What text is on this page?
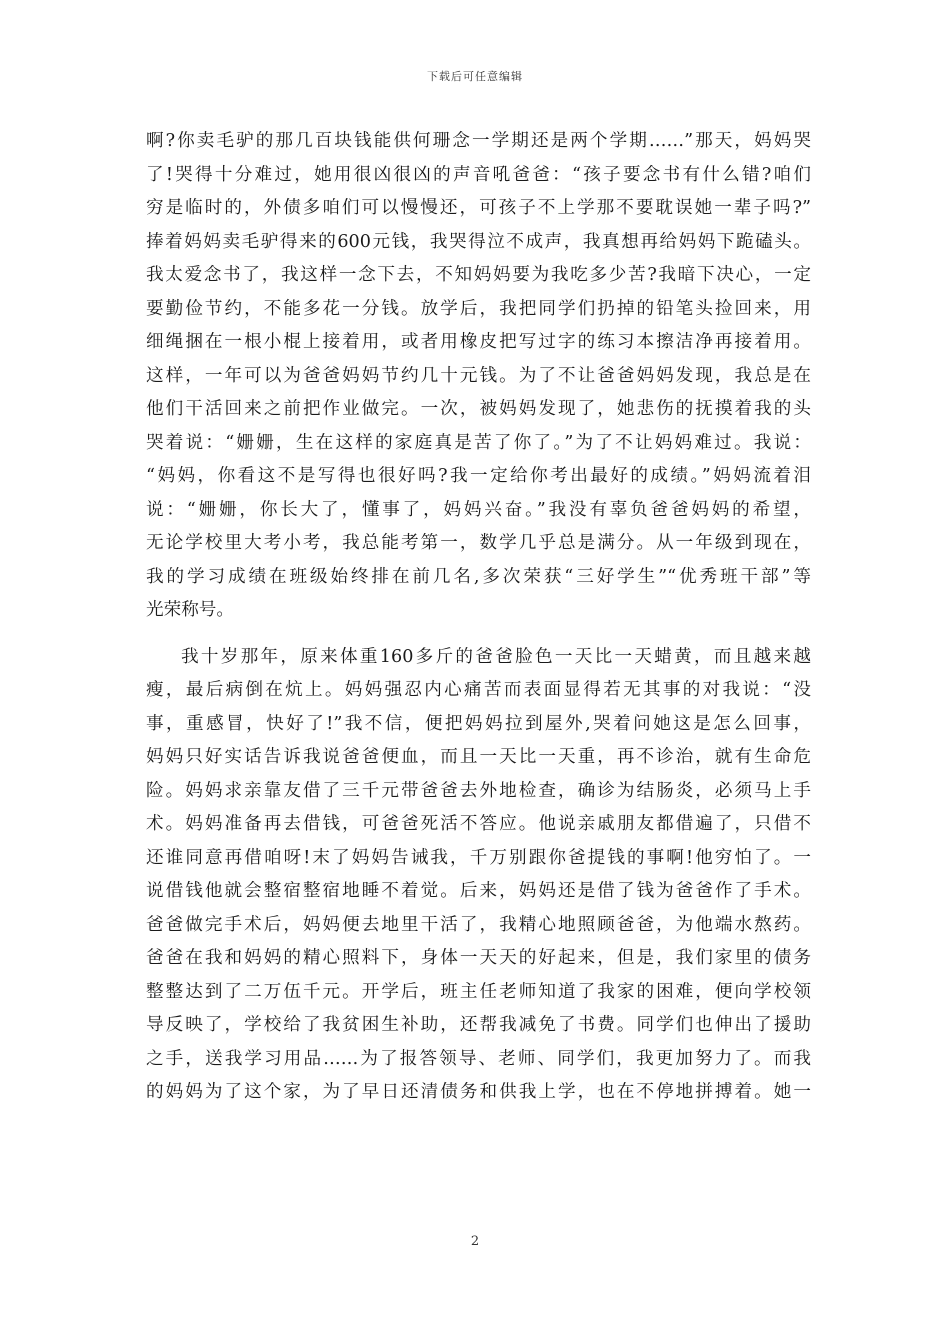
下载后可任意编辑
啊?你卖毛驴的那几百块钱能供何珊念一学期还是两个学期……”那天，妈妈哭
了!哭得十分难过，她用很凶很凶的声音吼爸爸：“孩子要念书有什么错?咱们
穷是临时的，外债多咱们可以慢慢还，可孩子不上学那不要耽误她一辈子吗?”
捧着妈妈卖毛驴得来的600元钱，我哭得泣不成声，我真想再给妈妈下跪磕头。
我太爱念书了，我这样一念下去，不知妈妈要为我吃多少苦?我暗下决心，一定
要勤俭节约，不能多花一分钱。放学后，我把同学们扔掉的铅笔头捡回来，用
细绳捆在一根小棍上接着用，或者用橡皮把写过字的练习本擦洁净再接着用。
这样，一年可以为爸爸妈妈节约几十元钱。为了不让爸爸妈妈发现，我总是在
他们干活回来之前把作业做完。一次，被妈妈发现了，她悲伤的抚摸着我的头
哭着说：“姗姗，生在这样的家庭真是苦了你了。”为了不让妈妈难过。我说：
“妈妈，你看这不是写得也很好吗?我一定给你考出最好的成绩。”妈妈流着泪
说：“姗姗，你长大了，懂事了，妈妈兴奋。”我没有辜负爸爸妈妈的希望，
无论学校里大考小考，我总能考第一，数学几乎总是满分。从一年级到现在，
我的学习成绩在班级始终排在前几名,多次荣获“三好学生”“优秀班干部”等
光荣称号。
我十岁那年，原来体重160多斤的爸爸脸色一天比一天蜡黄，而且越来越
瘦，最后病倒在炕上。妈妈强忍内心痛苦而表面显得若无其事的对我说：“没
事，重感冒，快好了!”我不信，便把妈妈拉到屋外,哭着问她这是怎么回事，
妈妈只好实话告诉我说爸爸便血，而且一天比一天重，再不诊治，就有生命危
险。妈妈求亲靠友借了三千元带爸爸去外地检查，确诊为结肠炎，必须马上手
术。妈妈准备再去借钱，可爸爸死活不答应。他说亲戚朋友都借遍了，只借不
还谁同意再借咱呀!末了妈妈告诫我，千万别跟你爸提钱的事啊!他穷怕了。一
说借钱他就会整宿整宿地睡不着觉。后来，妈妈还是借了钱为爸爸作了手术。
爸爸做完手术后，妈妈便去地里干活了，我精心地照顾爸爸，为他端水熬药。
爸爸在我和妈妈的精心照料下，身体一天天的好起来，但是，我们家里的债务
整整达到了二万伍千元。开学后，班主任老师知道了我家的困难，便向学校领
导反映了，学校给了我贫困生补助，还帮我减免了书费。同学们也伸出了援助
之手，送我学习用品……为了报答领导、老师、同学们，我更加努力了。而我
的妈妈为了这个家，为了早日还清债务和供我上学，也在不停地拼搏着。她一
2
